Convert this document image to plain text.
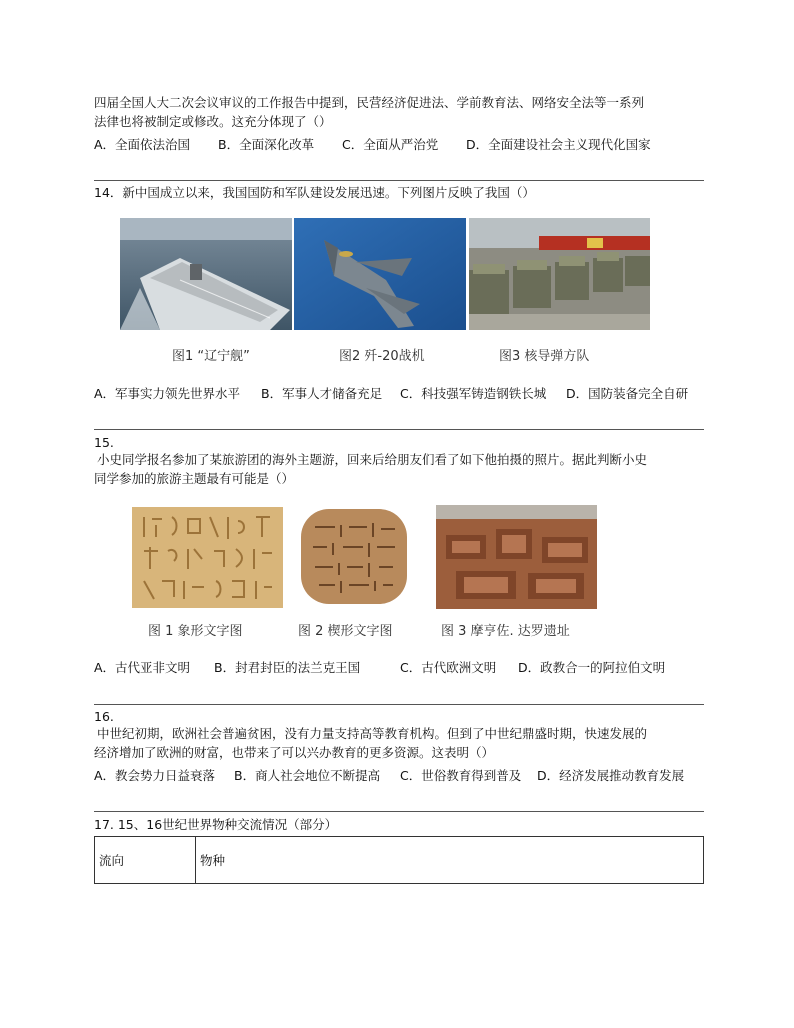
四届全国人大二次会议审议的工作报告中提到，民营经济促进法、学前教育法、网络安全法等一系列
法律也将被制定或修改。这充分体现了（）
A．全面依法治国 B．全面深化改革 C．全面从严治党 D．全面建设社会主义现代化国家
14．新中国成立以来，我国国防和军队建设发展迅速。下列图片反映了我国（）
图1 “辽宁舰”	图2 歼-20战机	图3 核导弹方队
A．军事实力领先世界水平 B．军事人才储备充足 C．科技强军铸造钢铁长城 D．国防装备完全自研
15.
小史同学报名参加了某旅游团的海外主题游，回来后给朋友们看了如下他拍摄的照片。据此判断小史
同学参加的旅游主题最有可能是（）
图 1 象形文字图	图 2 楔形文字图	图 3 摩亨佐. 达罗遗址
A．古代亚非文明 B．封君封臣的法兰克王国	C．古代欧洲文明 D．政教合一的阿拉伯文明
16.
中世纪初期，欧洲社会普遍贫困，没有力量支持高等教育机构。但到了中世纪鼎盛时期，快速发展的
经济增加了欧洲的财富，也带来了可以兴办教育的更多资源。这表明（）
A．教会势力日益衰落 B．商人社会地位不断提高 C．世俗教育得到普及 D．经济发展推动教育发展
17. 15、16世纪世界物种交流情况（部分）
流向	物种
